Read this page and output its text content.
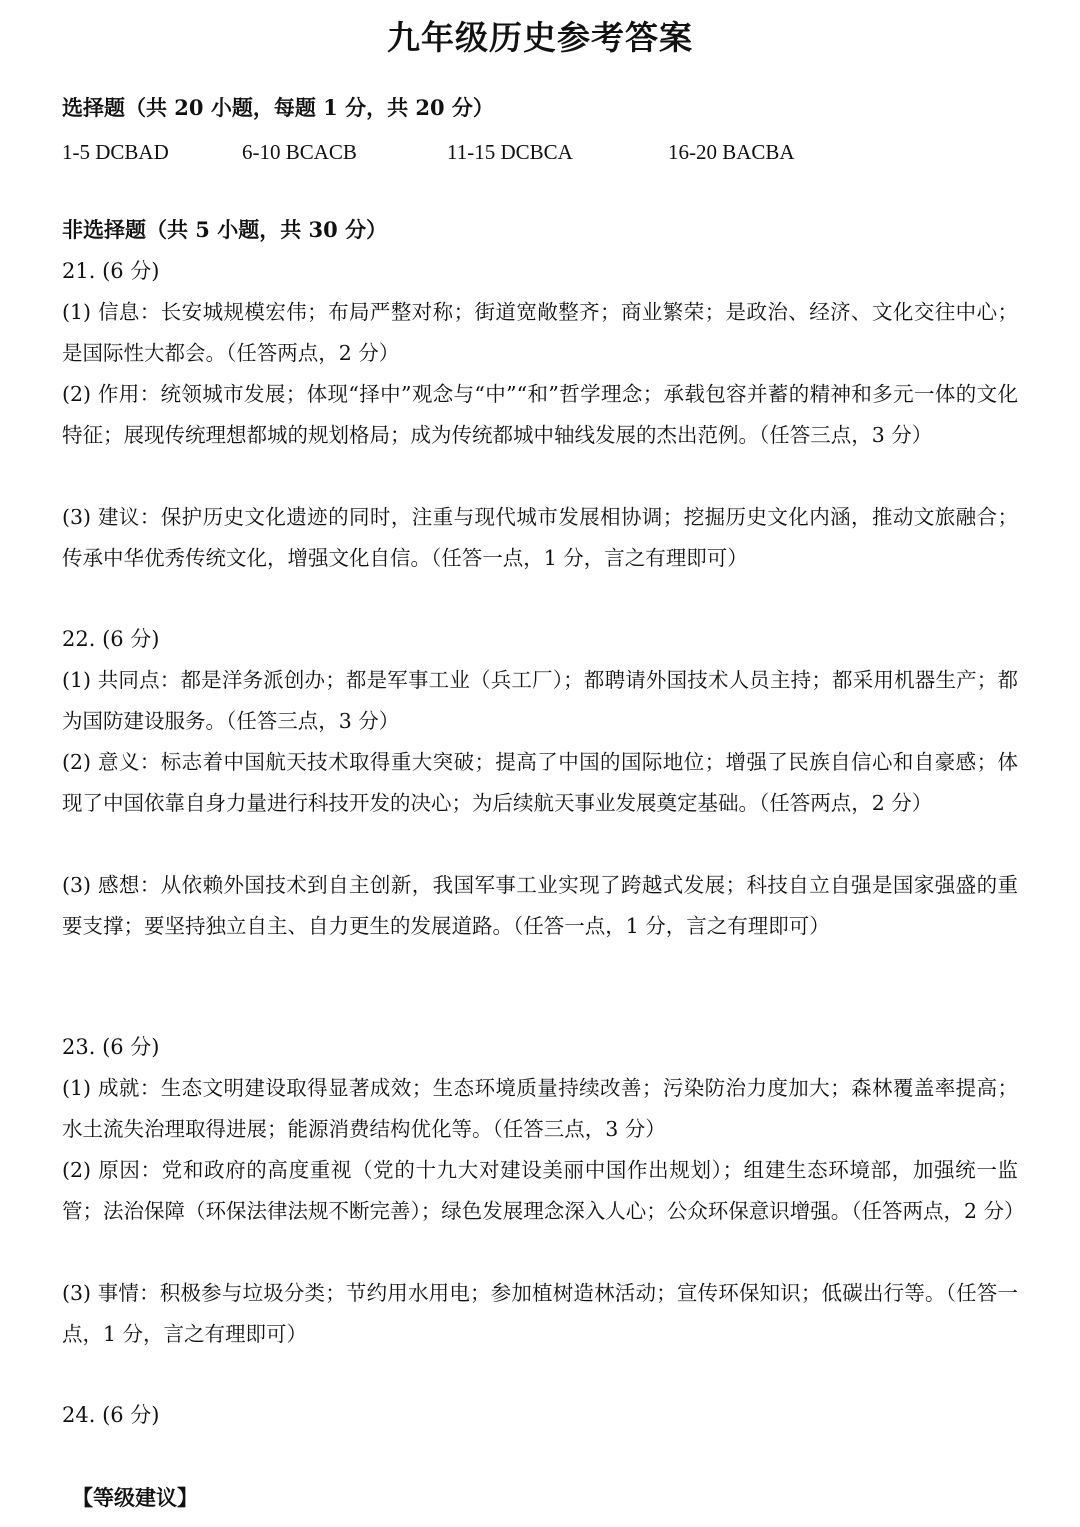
九年级历史参考答案
选择题（共 20 小题，每题 1 分，共 20 分）
1-5 DCBAD	6-10 BCACB	11-15 DCBCA	16-20 BACBA
非选择题（共 5 小题，共 30 分）
21. (6 分)
(1) 信息：长安城规模宏伟；布局严整对称；街道宽敞整齐；商业繁荣；是政治、经济、文化交往中心；是国际性大都会。（任答两点，2 分）
(2) 作用：统领城市发展；体现“择中”观念与“中”“和”哲学理念；承载包容并蓄的精神和多元一体的文化特征；展现传统理想都城的规划格局；成为传统都城中轴线发展的杰出范例。（任答三点，3 分）
(3) 建议：保护历史文化遗迹的同时，注重与现代城市发展相协调；挖掘历史文化内涵，推动文旅融合；传承中华优秀传统文化，增强文化自信。（任答一点，1 分，言之有理即可）
22. (6 分)
(1) 共同点：都是洋务派创办；都是军事工业（兵工厂）；都聘请外国技术人员主持；都采用机器生产；都为国防建设服务。（任答三点，3 分）
(2) 意义：标志着中国航天技术取得重大突破；提高了中国的国际地位；增强了民族自信心和自豪感；体现了中国依靠自身力量进行科技开发的决心；为后续航天事业发展奠定基础。（任答两点，2 分）
(3) 感想：从依赖外国技术到自主创新，我国军事工业实现了跨越式发展；科技自立自强是国家强盛的重要支撑；要坚持独立自主、自力更生的发展道路。（任答一点，1 分，言之有理即可）
23. (6 分)
(1) 成就：生态文明建设取得显著成效；生态环境质量持续改善；污染防治力度加大；森林覆盖率提高；水土流失治理取得进展；能源消费结构优化等。（任答三点，3 分）
(2) 原因：党和政府的高度重视（党的十九大对建设美丽中国作出规划）；组建生态环境部，加强统一监管；法治保障（环保法律法规不断完善）；绿色发展理念深入人心；公众环保意识增强。（任答两点，2 分）
(3) 事情：积极参与垃圾分类；节约用水用电；参加植树造林活动；宣传环保知识；低碳出行等。（任答一点，1 分，言之有理即可）
24. (6 分)
【等级建议】
